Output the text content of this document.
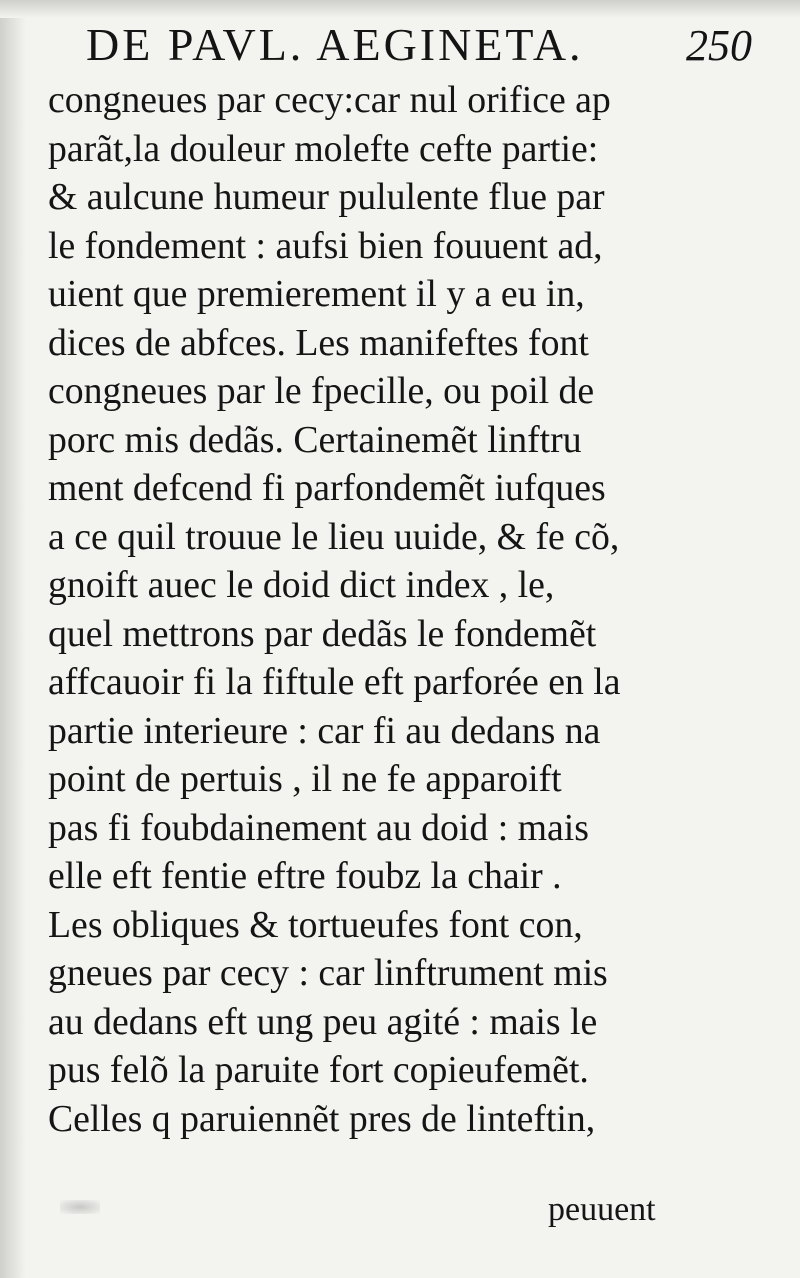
DE PAVL. AEGINETA.	250
congneues par cecy:car nul orifice ap
parãt,la douleur molefte cefte partie:
& aulcune humeur pululente flue par
le fondement : aufsi bien fouuent ad,
uient que premierement il y a eu in,
dices de abfces. Les manifeftes font
congneues par le fpecille, ou poil de
porc mis dedãs. Certainemẽt linftru
ment defcend fi parfondemẽt iufques
a ce quil trouue le lieu uuide, & fe cõ,
gnoift auec le doid dict index , le,
quel mettrons par dedãs le fondemẽt
affcauoir fi la fiftule eft parforée en la
partie interieure : car fi au dedans na
point de pertuis , il ne fe apparoift
pas fi foubdainement au doid : mais
elle eft fentie eftre foubz la chair .
Les obliques & tortueufes font con,
gneues par cecy : car linftrument mis
au dedans eft ung peu agité : mais le
pus felõ la paruite fort copieufemẽt.
Celles q paruiennẽt pres de linteftin,
peuuent
